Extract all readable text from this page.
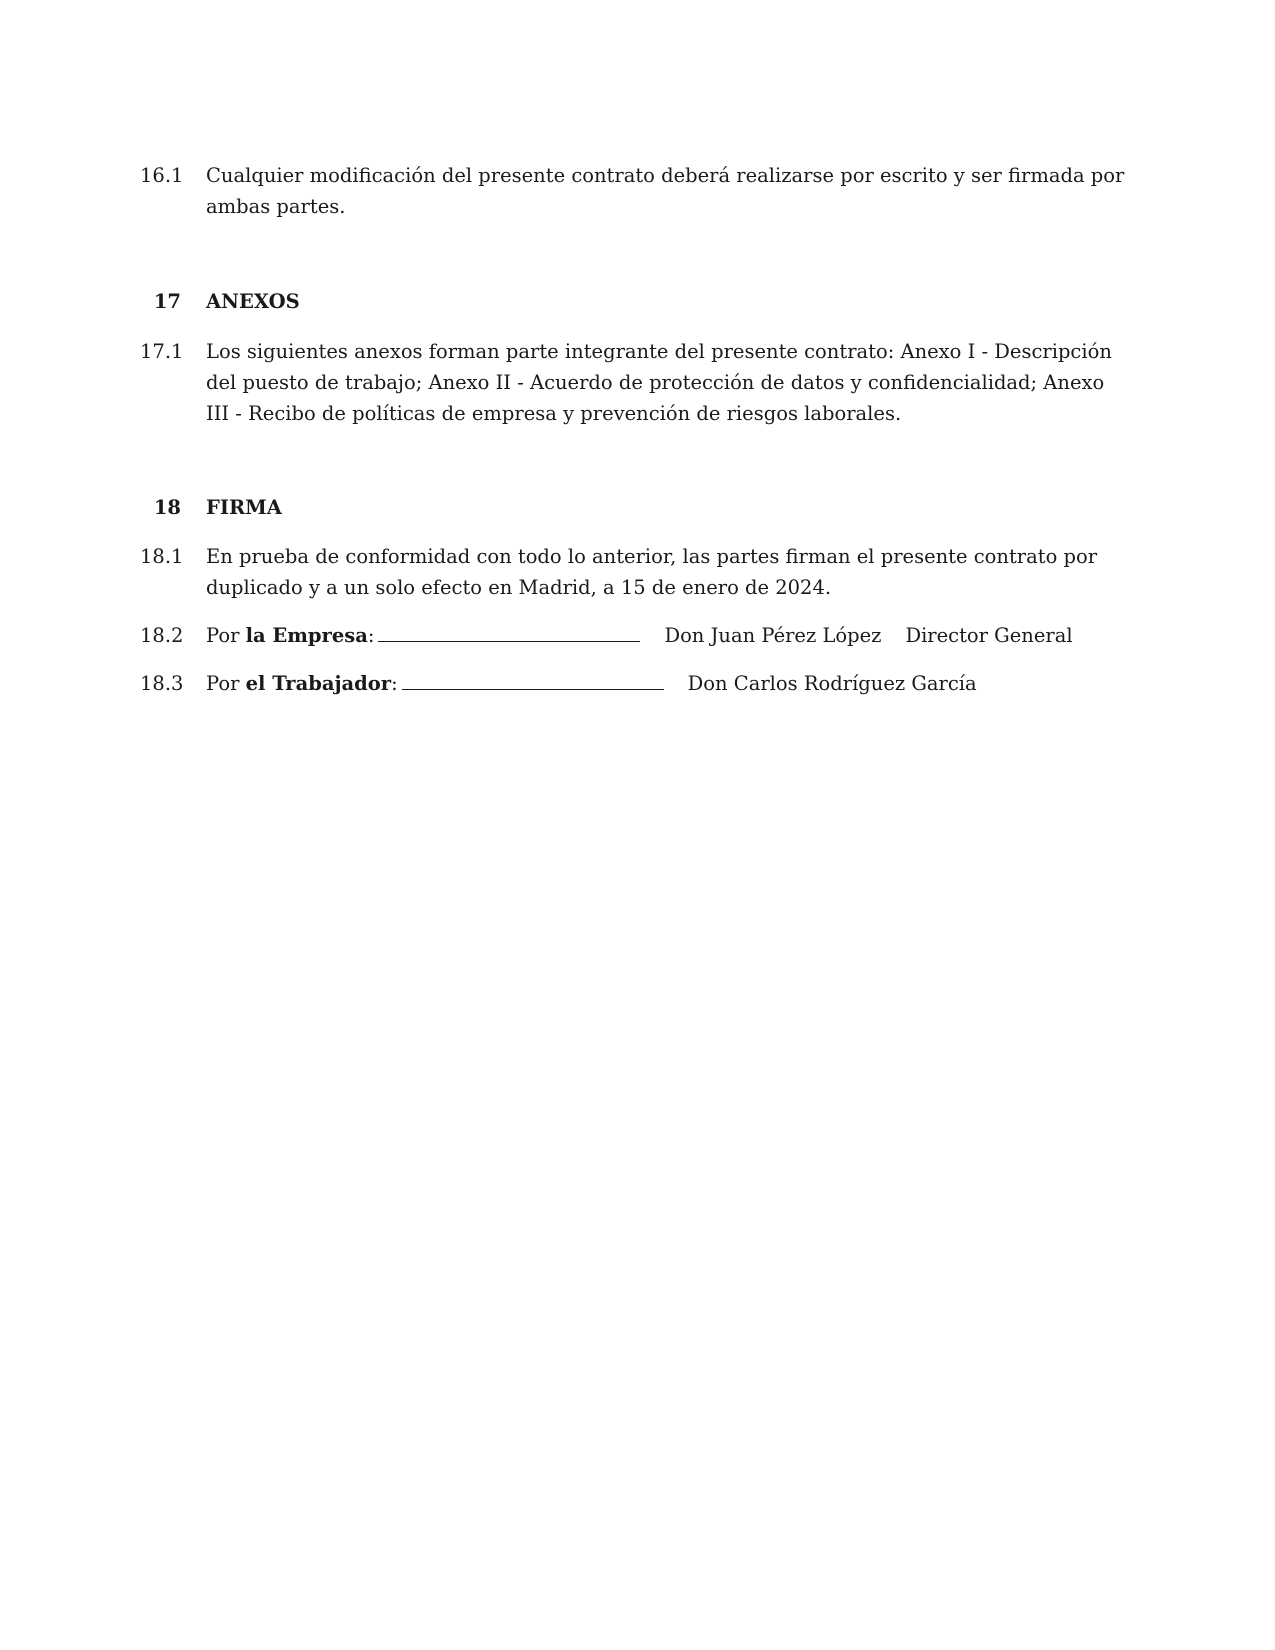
16.1	Cualquier modificación del presente contrato deberá realizarse por escrito y ser firmada por ambas partes.
17	ANEXOS
17.1	Los siguientes anexos forman parte integrante del presente contrato: Anexo I - Descripción del puesto de trabajo; Anexo II - Acuerdo de protección de datos y confidencialidad; Anexo III - Recibo de políticas de empresa y prevención de riesgos laborales.
18	FIRMA
18.1	En prueba de conformidad con todo lo anterior, las partes firman el presente contrato por duplicado y a un solo efecto en Madrid, a 15 de enero de 2024.
18.2	Por la Empresa:	Don Juan Pérez López Director General
18.3	Por el Trabajador:	Don Carlos Rodríguez García
